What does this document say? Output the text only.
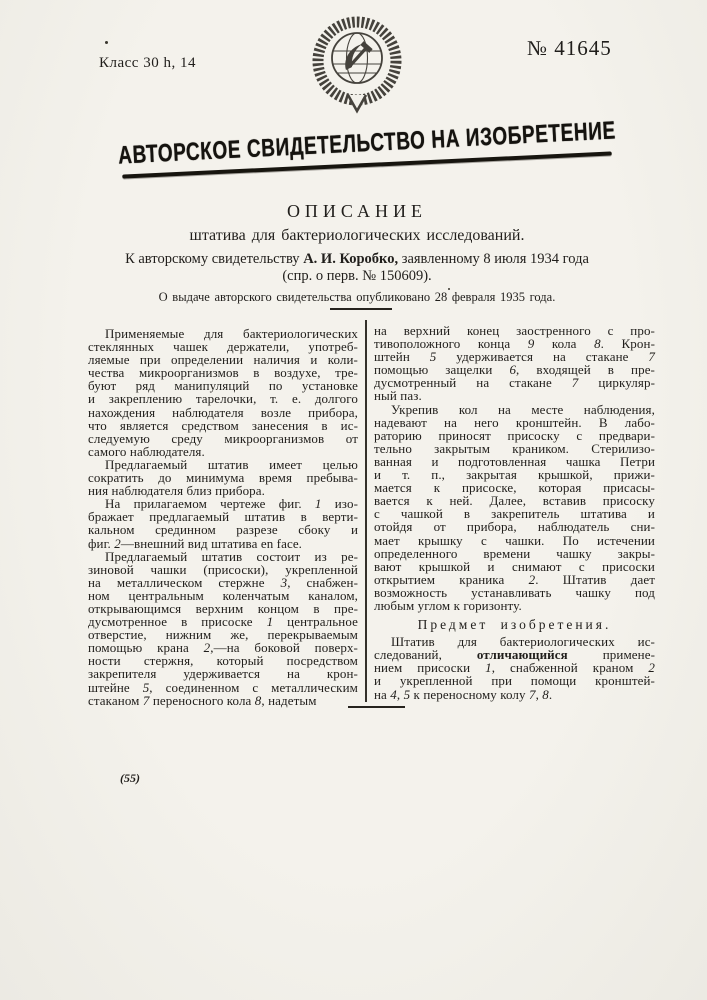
Класс 30 h, 14
№ 41645
АВТОРСКОЕ СВИДЕТЕЛЬСТВО НА ИЗОБРЕТЕНИЕ
ОПИСАНИЕ
штатива для бактериологических исследований.
К авторскому свидетельству А. И. Коробко, заявленному 8 июля 1934 года
(спр. о перв. № 150609).
О выдаче авторского свидетельства опубликовано 28 февраля 1935 года.
Применяемые для бактериологических
стеклянных чашек держатели, употреб-
ляемые при определении наличия и коли-
чества микроорганизмов в воздухе, тре-
буют ряд манипуляций по установке
и закреплению тарелочки, т. е. долгого
нахождения наблюдателя возле прибора,
что является средством занесения в ис-
следуемую среду микроорганизмов от
самого наблюдателя.
Предлагаемый штатив имеет целью
сократить до минимума время пребыва-
ния наблюдателя близ прибора.
На прилагаемом чертеже фиг. 1 изо-
бражает предлагаемый штатив в верти-
кальном срединном разрезе сбоку и
фиг. 2—внешний вид штатива en face.
Предлагаемый штатив состоит из ре-
зиновой чашки (присоски), укрепленной
на металлическом стержне 3, снабжен-
ном центральным коленчатым каналом,
открывающимся верхним концом в пре-
дусмотренное в присоске 1 центральное
отверстие, нижним же, перекрываемым
помощью крана 2,—на боковой поверх-
ности стержня, который посредством
закрепителя удерживается на крон-
штейне 5, соединенном с металлическим
стаканом 7 переносного кола 8, надетым
на верхний конец заостренного с про-
тивоположного конца 9 кола 8. Крон-
штейн 5 удерживается на стакане 7
помощью защелки 6, входящей в пре-
дусмотренный на стакане 7 циркуляр-
ный паз.
Укрепив кол на месте наблюдения,
надевают на него кронштейн. В лабо-
раторию приносят присоску с предвари-
тельно закрытым краником. Стерилизо-
ванная и подготовленная чашка Петри
и т. п., закрытая крышкой, прижи-
мается к присоске, которая присасы-
вается к ней. Далее, вставив присоску
с чашкой в закрепитель штатива и
отойдя от прибора, наблюдатель сни-
мает крышку с чашки. По истечении
определенного времени чашку закры-
вают крышкой и снимают с присоски
открытием краника 2. Штатив дает
возможность устанавливать чашку под
любым углом к горизонту.
Предмет изобретения.
Штатив для бактериологических ис-
следований, отличающийся примене-
нием присоски 1, снабженной краном 2
и укрепленной при помощи кронштей-
на 4, 5 к переносному колу 7, 8.
(55)
